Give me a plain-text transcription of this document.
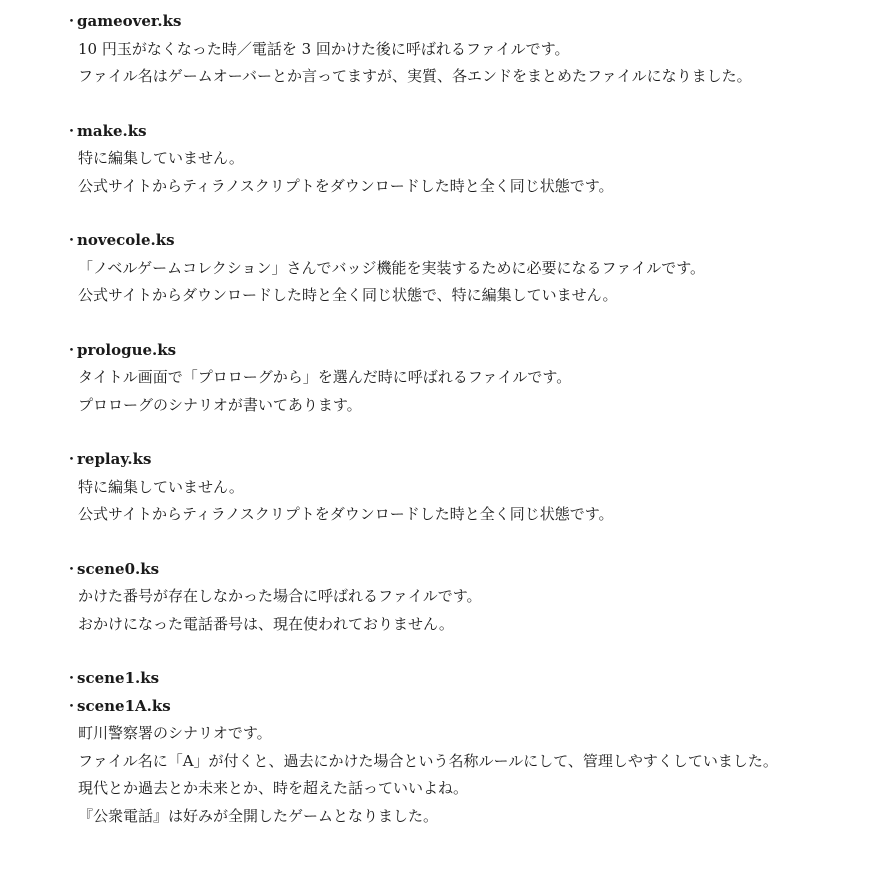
・
gameover.ks
10 円玉がなくなった時／電話を 3 回かけた後に呼ばれるファイルです。
ファイル名はゲームオーバーとか言ってますが、実質、各エンドをまとめたファイルになりました。
・
make.ks
特に編集していません。
公式サイトからティラノスクリプトをダウンロードした時と全く同じ状態です。
・
novecole.ks
「ノベルゲームコレクション」さんでバッジ機能を実装するために必要になるファイルです。
公式サイトからダウンロードした時と全く同じ状態で、特に編集していません。
・
prologue.ks
タイトル画面で「プロローグから」を選んだ時に呼ばれるファイルです。
プロローグのシナリオが書いてあります。
・
replay.ks
特に編集していません。
公式サイトからティラノスクリプトをダウンロードした時と全く同じ状態です。
・
scene0.ks
かけた番号が存在しなかった場合に呼ばれるファイルです。
おかけになった電話番号は、現在使われておりません。
・
scene1.ks
・
scene1A.ks
町川警察署のシナリオです。
ファイル名に「A」が付くと、過去にかけた場合という名称ルールにして、管理しやすくしていました。
現代とか過去とか未来とか、時を超えた話っていいよね。
『公衆電話』は好みが全開したゲームとなりました。
